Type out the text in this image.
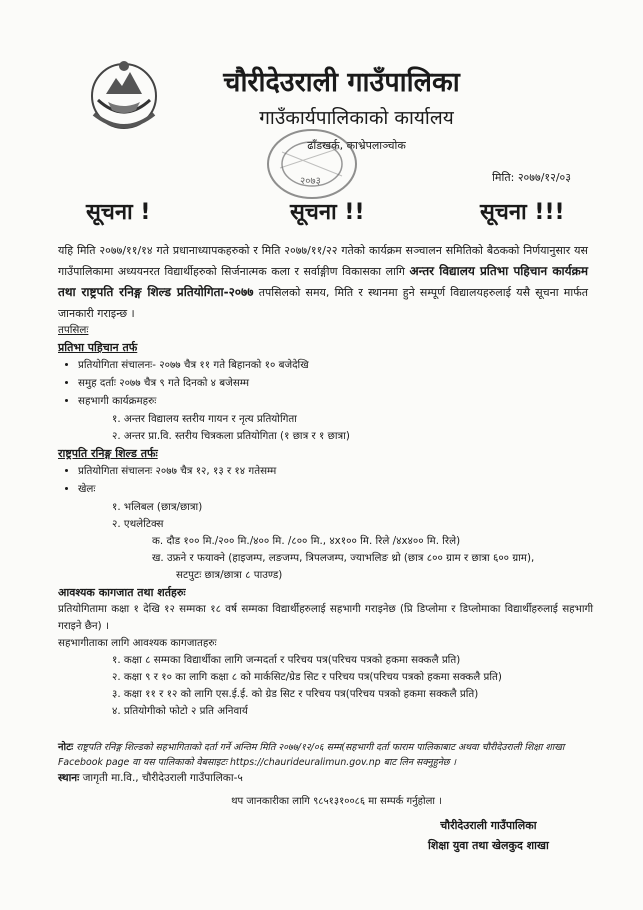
चौरीदेउराली गाउँपालिका
गाउँकार्यपालिकाको कार्यालय
ढाँडखर्क, काभ्रेपलाञ्चोक
२०७३	मिति: २०७७/१२/०३
सूचना !	सूचना !!	सूचना !!!
यहि मिति २०७७/११/१४ गते प्रधानाध्यापकहरुको र मिति २०७७/११/२२ गतेको कार्यक्रम सञ्चालन समितिको बैठकको निर्णयानुसार यस गाउँपालिकामा अध्ययनरत विद्यार्थीहरुको सिर्जनात्मक कला र सर्वाङ्गीण विकासका लागि अन्तर विद्यालय प्रतिभा पहिचान कार्यक्रम तथा राष्ट्रपति रनिङ्ग शिल्ड प्रतियोगिता-२०७७ तपसिलको समय, मिति र स्थानमा हुने सम्पूर्ण विद्यालयहरुलाई यसै सूचना मार्फत जानकारी गराइन्छ ।
तपसिलः
प्रतिभा पहिचान तर्फ
• प्रतियोगिता संचालनः- २०७७ चैत्र ११ गते बिहानको १० बजेदेखि
• समुह दर्ताः २०७७ चैत्र ९ गते दिनको ४ बजेसम्म
• सहभागी कार्यक्रमहरुः
१. अन्तर विद्यालय स्तरीय गायन र नृत्य प्रतियोगिता
२. अन्तर प्रा.वि. स्तरीय चित्रकला प्रतियोगिता (१ छात्र र १ छात्रा)
राष्ट्रपति रनिङ्ग शिल्ड तर्फः
• प्रतियोगिता संचालनः २०७७ चैत्र १२, १३ र १४ गतेसम्म
• खेलः
१. भलिबल (छात्र/छात्रा)
२. एथलेटिक्स
क. दौड १०० मि./२०० मि./४०० मि. /८०० मि., ४x१०० मि. रिले /४x४०० मि. रिले)
ख. उफ्रने र फयाक्ने (हाइजम्प, लङजम्प, त्रिपलजम्प, ज्याभलिङ थ्रो (छात्र ८०० ग्राम र छात्रा ६०० ग्राम),
सटपुटः छात्र/छात्रा ८ पाउण्ड)
आवश्यक कागजात तथा शर्तहरुः
प्रतियोगितामा कक्षा १ देखि १२ सम्मका १८ वर्ष सम्मका विद्यार्थीहरुलाई सहभागी गराइनेछ (प्रि डिप्लोमा र डिप्लोमाका विद्यार्थीहरुलाई सहभागी गराइने छैन) ।
सहभागीताका लागि आवश्यक कागजातहरुः
१. कक्षा ८ सम्मका विद्यार्थीका लागि जन्मदर्ता र परिचय पत्र(परिचय पत्रको हकमा सक्कलै प्रति)
२. कक्षा ९ र १० का लागि कक्षा ८ को मार्कसिट/ग्रेड सिट र परिचय पत्र(परिचय पत्रको हकमा सक्कलै प्रति)
३. कक्षा ११ र १२ को लागि एस.ई.ई. को ग्रेड सिट र परिचय पत्र(परिचय पत्रको हकमा सक्कलै प्रति)
४. प्रतियोगीको फोटो २ प्रति अनिवार्य
नोटः राष्ट्रपति रनिङ्ग शिल्डको सहभागिताको दर्ता गर्ने अन्तिम मिति २०७७/१२/०६ सम्म(सहभागी दर्ता फाराम पालिकाबाट अथवा चौरीदेउराली शिक्षा शाखा Facebook page वा यस पालिकाको वेबसाइटः https://chaurideuralimun.gov.np बाट लिन सक्नुहुनेछ ।
स्थानः जागृती मा.वि., चौरीदेउराली गाउँपालिका-५
थप जानकारीका लागि ९८५१३१००८६ मा सम्पर्क गर्नुहोला ।
चौरीदेउराली गाउँपालिका
शिक्षा युवा तथा खेलकुद शाखा
